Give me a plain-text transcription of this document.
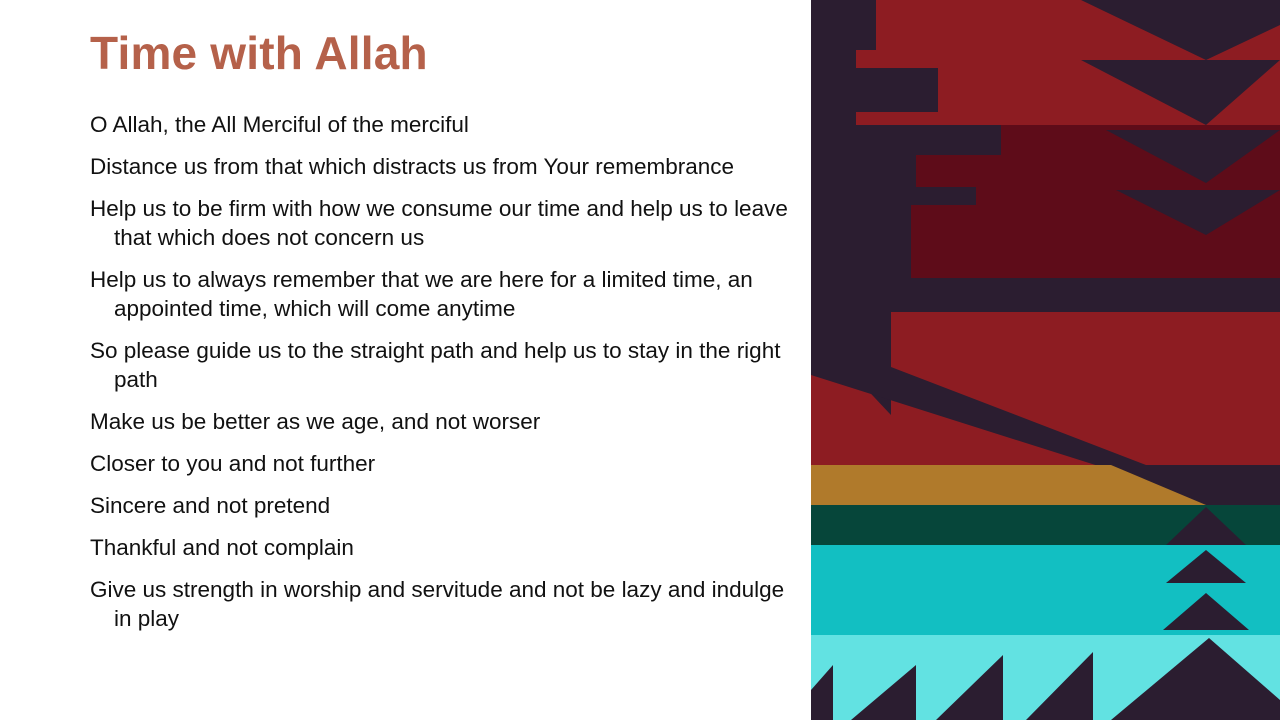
Time with Allah
O Allah, the All Merciful of the merciful
Distance us from that which distracts us from Your remembrance
Help us to be firm with how we consume our time and help us to leave that which does not concern us
Help us to always remember that we are here for a limited time, an appointed time, which will come anytime
So please guide us to the straight path and help us to stay in the right path
Make us be better as we age, and not worser
Closer to you and not further
Sincere and not pretend
Thankful and not complain
Give us strength in worship and servitude and not be lazy and indulge in play
